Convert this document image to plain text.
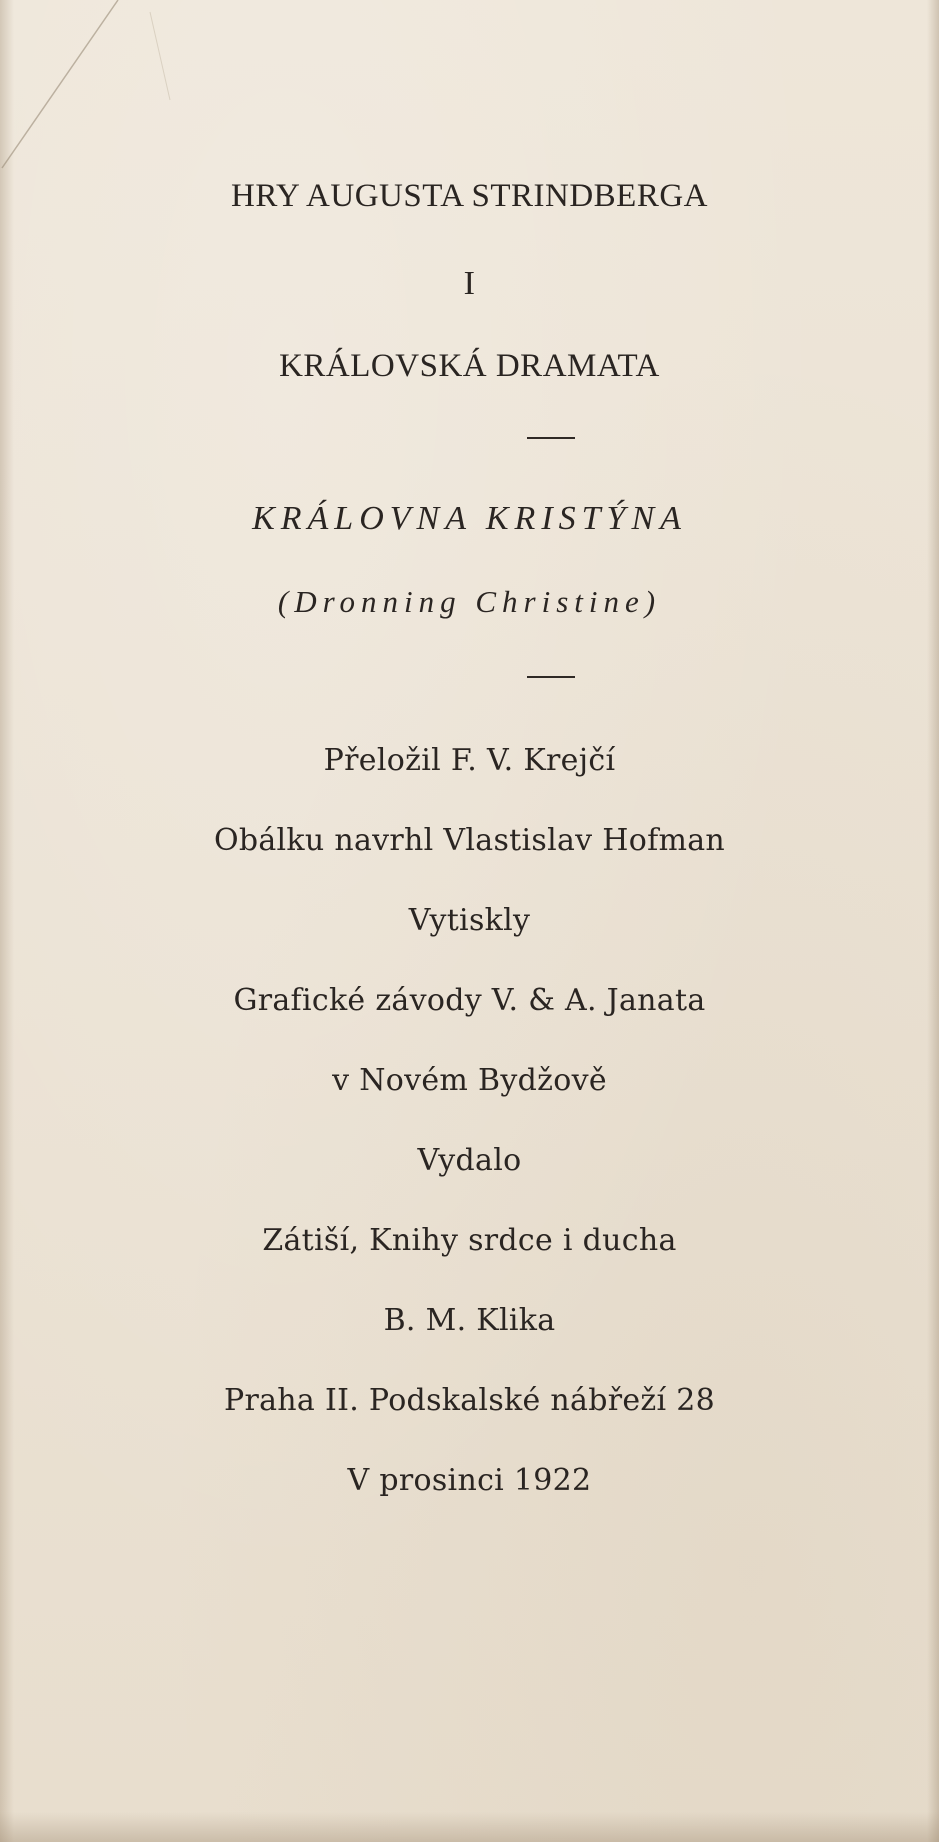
HRY AUGUSTA STRINDBERGA

I

KRÁLOVSKÁ DRAMATA

KRÁLOVNA KRISTÝNA

(Dronning Christine)

Přeložil F. V. Krejčí

Obálku navrhl Vlastislav Hofman

Vytiskly

Grafické závody V. & A. Janata

v Novém Bydžově

Vydalo

Zátiší, Knihy srdce i ducha

B. M. Klika

Praha II. Podskalské nábřeží 28

V prosinci 1922
